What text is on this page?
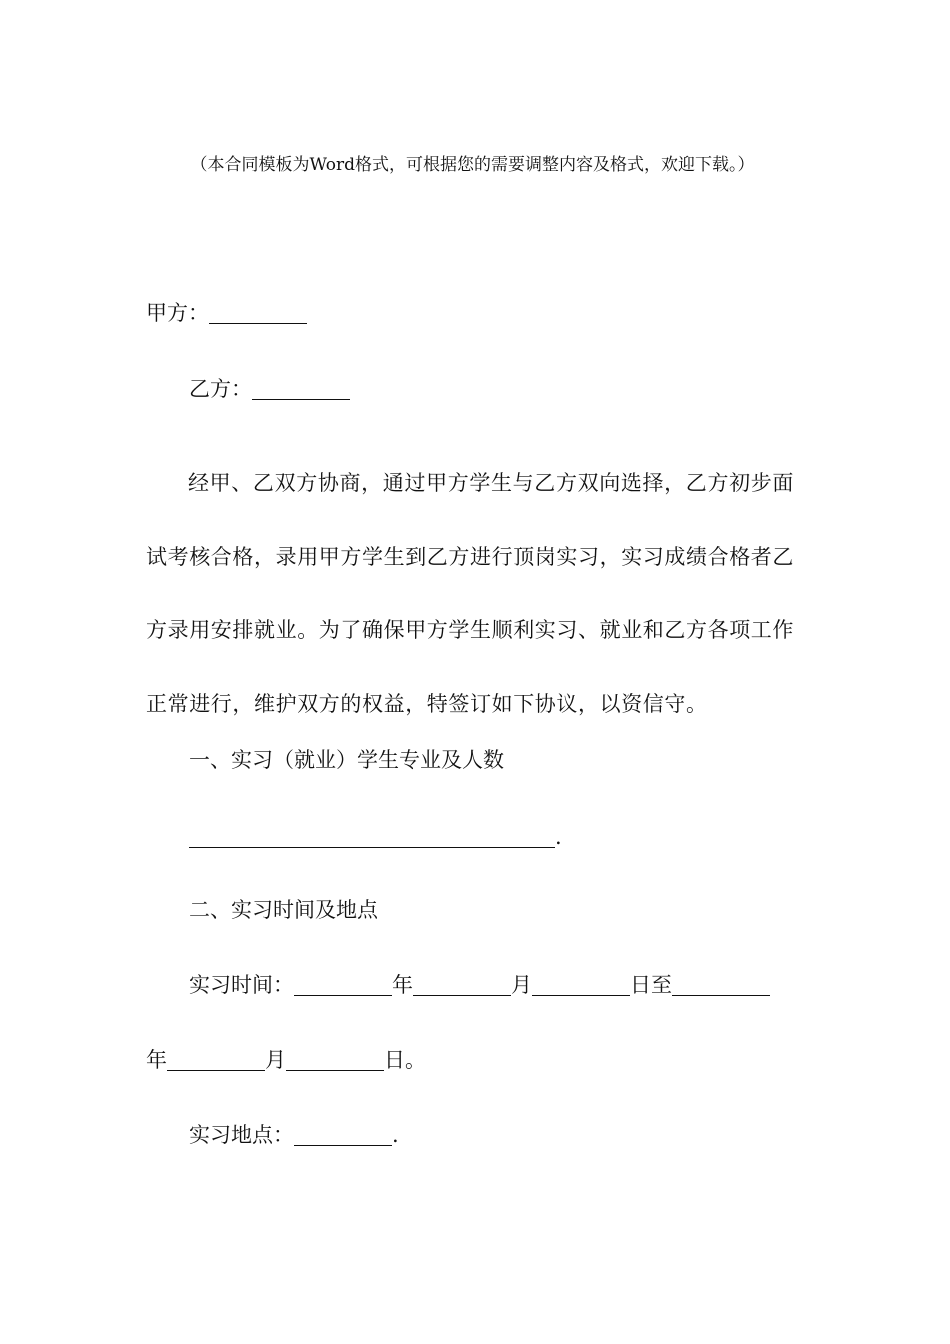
（本合同模板为Word格式，可根据您的需要调整内容及格式，欢迎下载。）
甲方：
乙方：
经甲、乙双方协商，通过甲方学生与乙方双向选择，乙方初步面试考核合格，录用甲方学生到乙方进行顶岗实习，实习成绩合格者乙方录用安排就业。为了确保甲方学生顺利实习、就业和乙方各项工作正常进行，维护双方的权益，特签订如下协议，以资信守。
一、实习（就业）学生专业及人数
.
二、实习时间及地点
实习时间：	年	月	日至
年	月	日。
实习地点：	.
